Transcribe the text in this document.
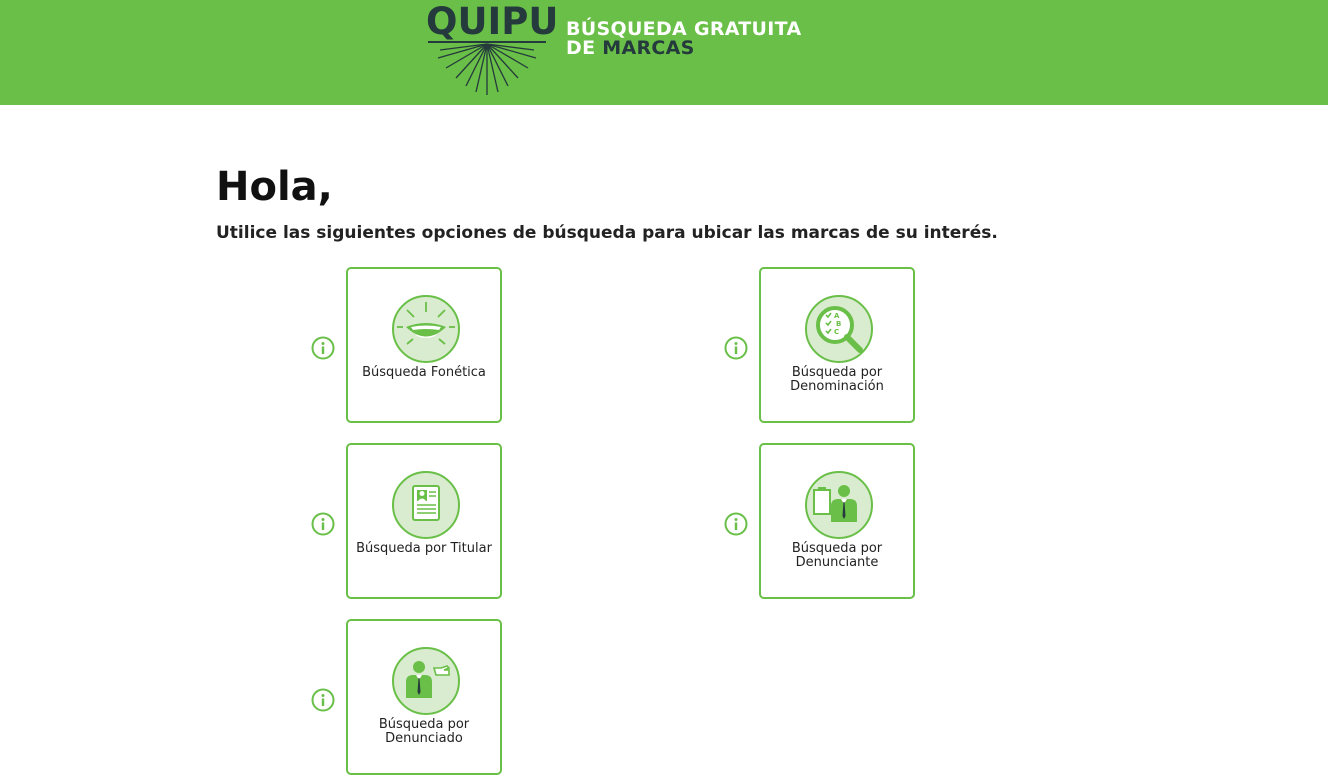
QUIPU BÚSQUEDA GRATUITA
DE MARCAS
Hola,

Utilice las siguientes opciones de búsqueda para ubicar las marcas de su interés.

Búsqueda Fonética
A
B
C
Búsqueda por Denominación
Búsqueda por Titular	Búsqueda por Denunciante
Búsqueda por Denunciado
